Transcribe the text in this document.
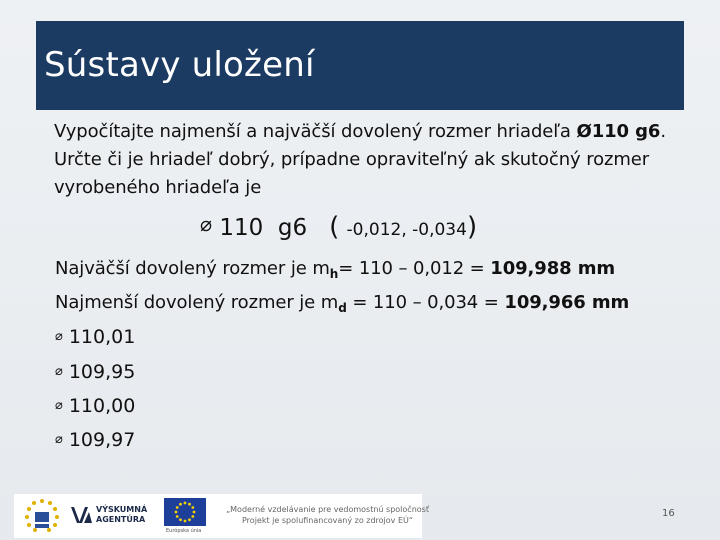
Sústavy uložení
Vypočítajte najmenší a najväčší dovolený rozmer hriadeľa Ø110 g6. Určte či je hriadeľ dobrý, prípadne opraviteľný ak skutočný rozmer vyrobeného hriadeľa je
⌀ 110 g6 ( -0,012, -0,034)
Najväčší dovolený rozmer je $m_h= 110 - 0,012 = 109,988$ mm
Najmenší dovolený rozmer je $m_d = 110 - 0,034 = 109,966$ mm
⌀ 110,01
⌀ 109,95
⌀ 110,00
⌀ 109,97
VÝSKUMNÁ
AGENTÚRA
Európska únia
„Moderné vzdelávanie pre vedomostnú spoločnosť
Projekt je spolufinancovaný zo zdrojov EÚ“
16
